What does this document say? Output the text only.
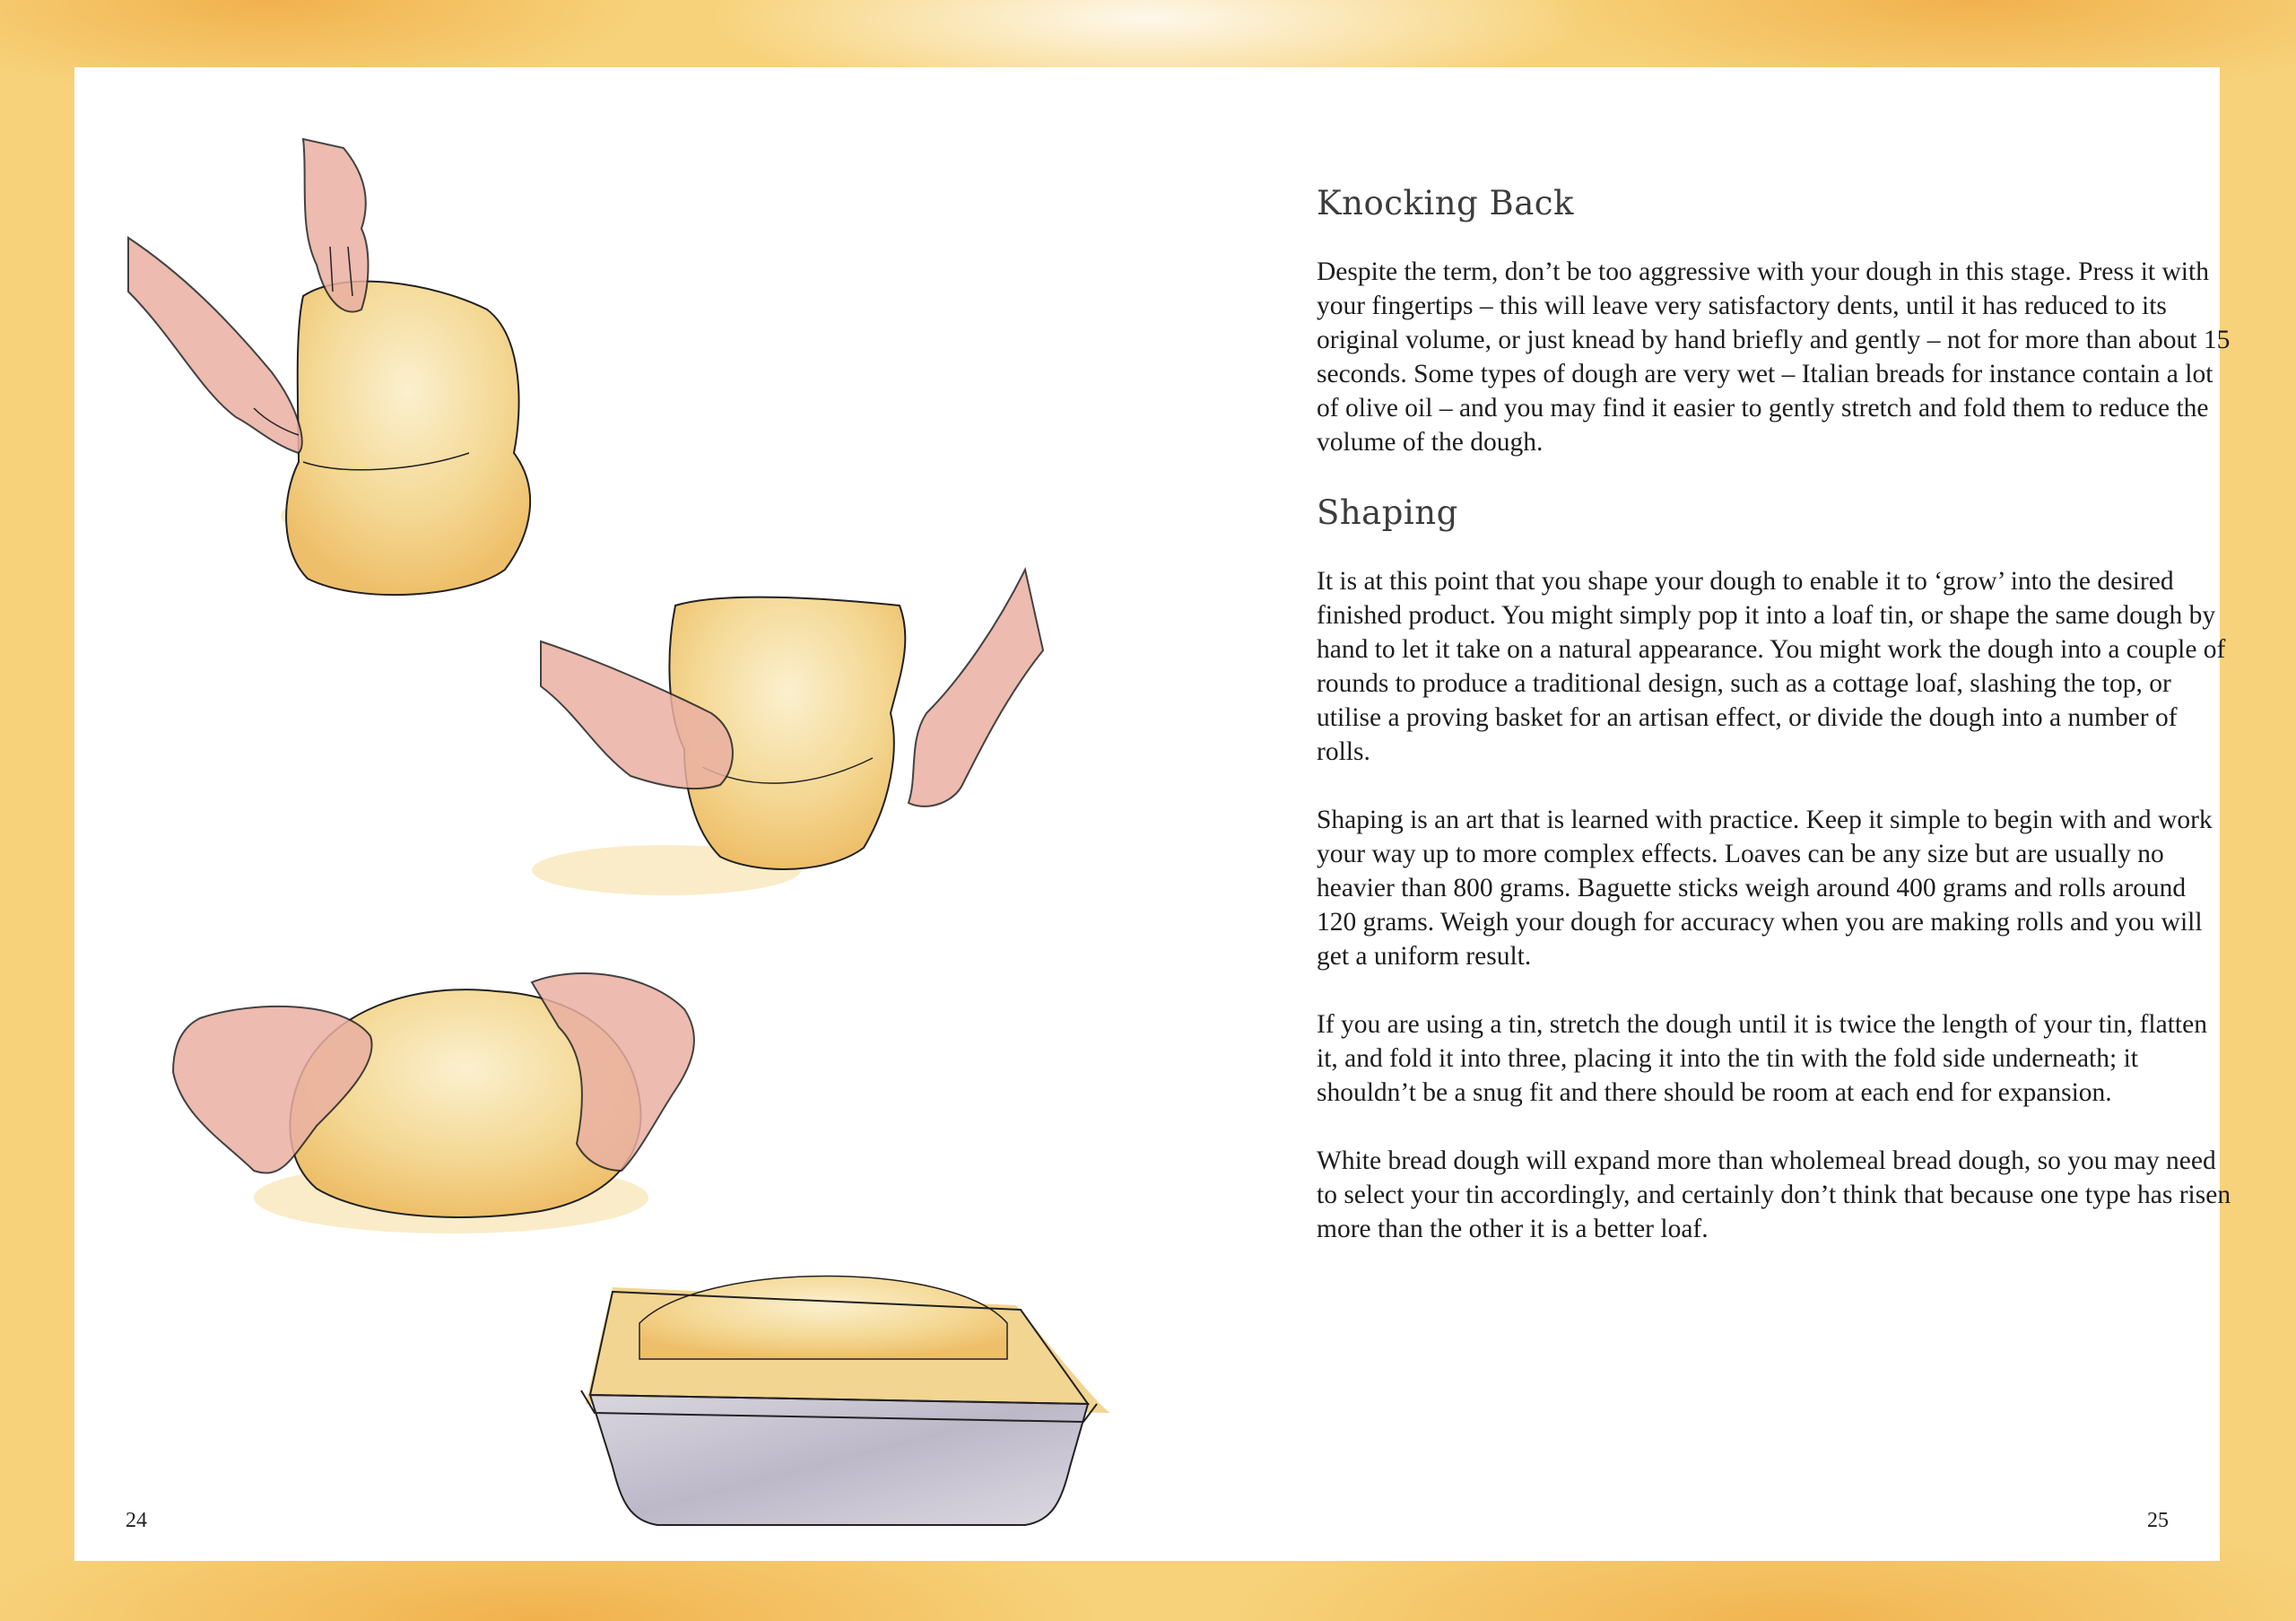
Knocking Back

Despite the term, don’t be too aggressive with your dough in this stage. Press it with your fingertips – this will leave very satisfactory dents, until it has reduced to its original volume, or just knead by hand briefly and gently – not for more than about 15 seconds. Some types of dough are very wet – Italian breads for instance contain a lot of olive oil – and you may find it easier to gently stretch and fold them to reduce the volume of the dough.

Shaping

It is at this point that you shape your dough to enable it to ‘grow’ into the desired finished product. You might simply pop it into a loaf tin, or shape the same dough by hand to let it take on a natural appearance. You might work the dough into a couple of rounds to produce a traditional design, such as a cottage loaf, slashing the top, or utilise a proving basket for an artisan effect, or divide the dough into a number of rolls.

Shaping is an art that is learned with practice. Keep it simple to begin with and work your way up to more complex effects. Loaves can be any size but are usually no heavier than 800 grams. Baguette sticks weigh around 400 grams and rolls around 120 grams. Weigh your dough for accuracy when you are making rolls and you will get a uniform result.

If you are using a tin, stretch the dough until it is twice the length of your tin, flatten it, and fold it into three, placing it into the tin with the fold side underneath; it shouldn’t be a snug fit and there should be room at each end for expansion.

White bread dough will expand more than wholemeal bread dough, so you may need to select your tin accordingly, and certainly don’t think that because one type has risen more than the other it is a better loaf.

24	25
